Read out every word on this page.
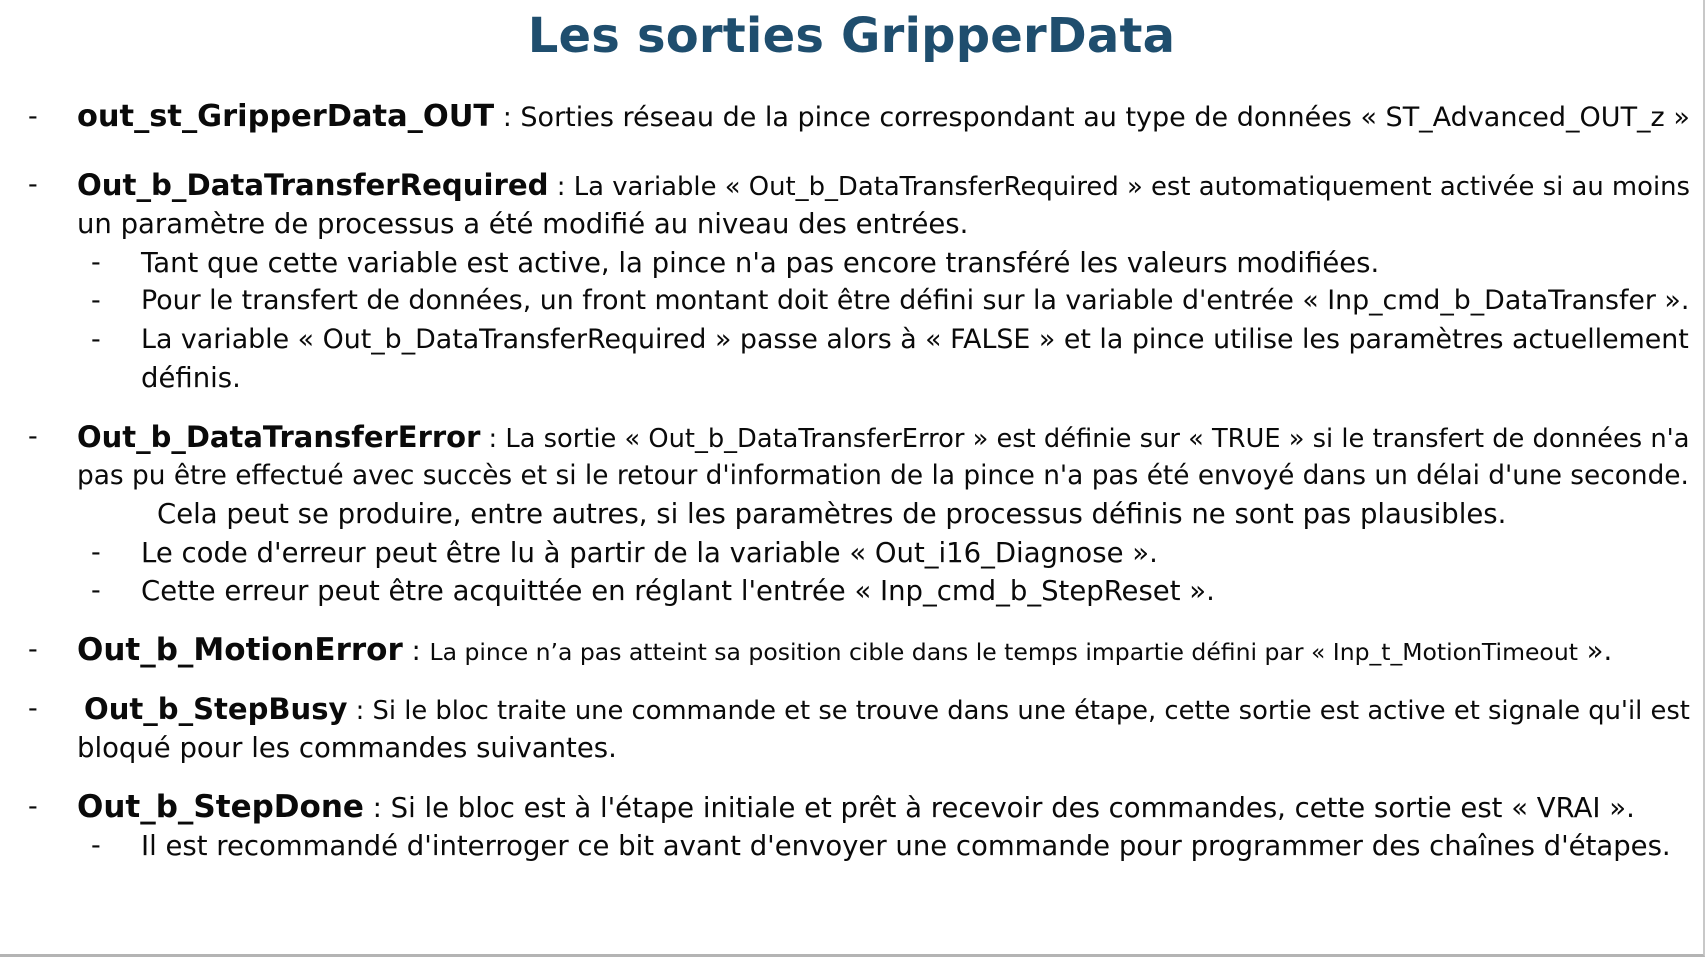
Les sorties GripperData
- out_st_GripperData_OUT : Sorties réseau de la pince correspondant au type de données « ST_Advanced_OUT_z »
- Out_b_DataTransferRequired : La variable « Out_b_DataTransferRequired » est automatiquement activée si au moins
un paramètre de processus a été modifié au niveau des entrées.
- Tant que cette variable est active, la pince n'a pas encore transféré les valeurs modifiées.
- Pour le transfert de données, un front montant doit être défini sur la variable d'entrée « Inp_cmd_b_DataTransfer ».
- La variable « Out_b_DataTransferRequired » passe alors à « FALSE » et la pince utilise les paramètres actuellement
définis.
- Out_b_DataTransferError : La sortie « Out_b_DataTransferError » est définie sur « TRUE » si le transfert de données n'a
pas pu être effectué avec succès et si le retour d'information de la pince n'a pas été envoyé dans un délai d'une seconde.
Cela peut se produire, entre autres, si les paramètres de processus définis ne sont pas plausibles.
- Le code d'erreur peut être lu à partir de la variable « Out_i16_Diagnose ».
- Cette erreur peut être acquittée en réglant l'entrée « Inp_cmd_b_StepReset ».
- Out_b_MotionError : La pince n’a pas atteint sa position cible dans le temps impartie défini par « Inp_t_MotionTimeout ».
- Out_b_StepBusy : Si le bloc traite une commande et se trouve dans une étape, cette sortie est active et signale qu'il est
bloqué pour les commandes suivantes.
- Out_b_StepDone : Si le bloc est à l'étape initiale et prêt à recevoir des commandes, cette sortie est « VRAI ».
- Il est recommandé d'interroger ce bit avant d'envoyer une commande pour programmer des chaînes d'étapes.
